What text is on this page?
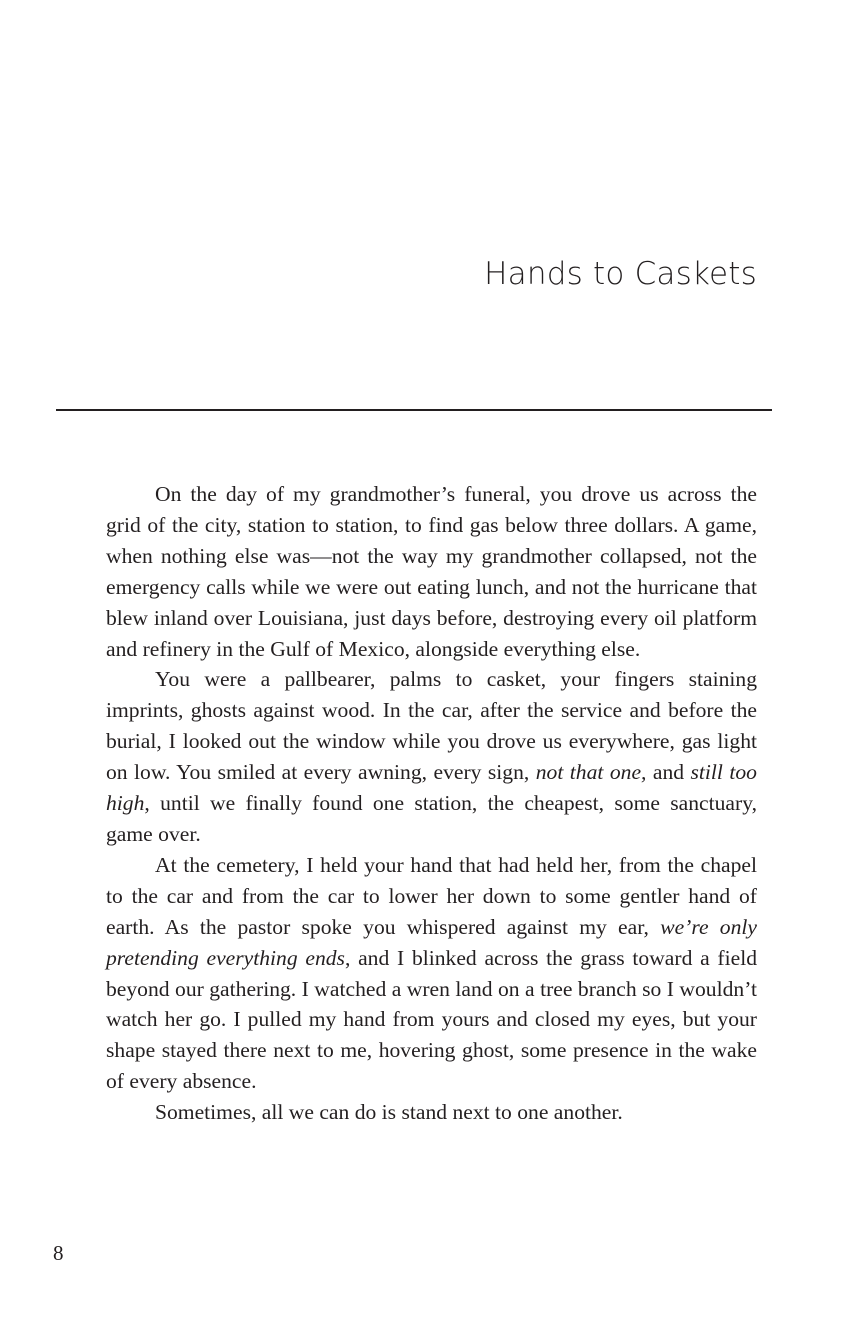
Hands to Caskets

On the day of my grandmother’s funeral, you drove us across the grid of the city, station to station, to find gas below three dollars. A game, when nothing else was—not the way my grandmother collapsed, not the emergency calls while we were out eating lunch, and not the hurricane that blew inland over Louisiana, just days before, destroying every oil platform and refinery in the Gulf of Mexico, alongside everything else.

You were a pallbearer, palms to casket, your fingers staining imprints, ghosts against wood. In the car, after the service and before the burial, I looked out the window while you drove us everywhere, gas light on low. You smiled at every awning, every sign, not that one, and still too high, until we finally found one station, the cheapest, some sanctuary, game over.

At the cemetery, I held your hand that had held her, from the chapel to the car and from the car to lower her down to some gentler hand of earth. As the pastor spoke you whispered against my ear, we’re only pretending everything ends, and I blinked across the grass toward a field beyond our gathering. I watched a wren land on a tree branch so I wouldn’t watch her go. I pulled my hand from yours and closed my eyes, but your shape stayed there next to me, hovering ghost, some presence in the wake of every absence.

Sometimes, all we can do is stand next to one another.

8
